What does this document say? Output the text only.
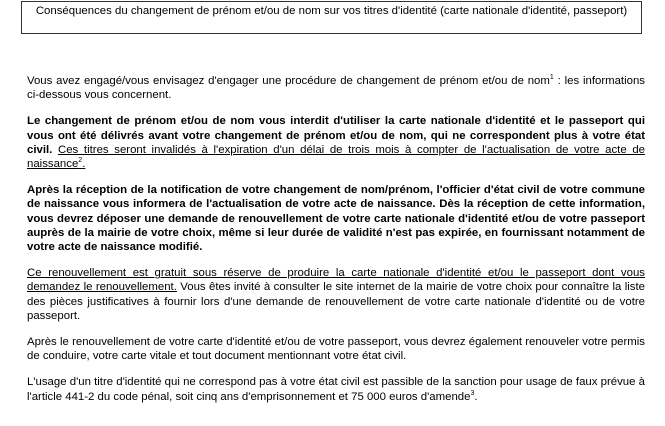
Conséquences du changement de prénom et/ou de nom sur vos titres d'identité (carte nationale d'identité, passeport)

Vous avez engagé/vous envisagez d'engager une procédure de changement de prénom et/ou de nom$^1$ : les informations ci-dessous vous concernent.

Le changement de prénom et/ou de nom vous interdit d'utiliser la carte nationale d'identité et le passeport qui vous ont été délivrés avant votre changement de prénom et/ou de nom, qui ne correspondent plus à votre état civil. Ces titres seront invalidés à l'expiration d'un délai de trois mois à compter de l'actualisation de votre acte de naissance$^2$.

Après la réception de la notification de votre changement de nom/prénom, l'officier d'état civil de votre commune de naissance vous informera de l'actualisation de votre acte de naissance. Dès la réception de cette information, vous devrez déposer une demande de renouvellement de votre carte nationale d'identité et/ou de votre passeport auprès de la mairie de votre choix, même si leur durée de validité n'est pas expirée, en fournissant notamment de votre acte de naissance modifié.

Ce renouvellement est gratuit sous réserve de produire la carte nationale d'identité et/ou le passeport dont vous demandez le renouvellement. Vous êtes invité à consulter le site internet de la mairie de votre choix pour connaître la liste des pièces justificatives à fournir lors d'une demande de renouvellement de votre carte nationale d'identité ou de votre passeport.

Après le renouvellement de votre carte d'identité et/ou de votre passeport, vous devrez également renouveler votre permis de conduire, votre carte vitale et tout document mentionnant votre état civil.

L'usage d'un titre d'identité qui ne correspond pas à votre état civil est passible de la sanction pour usage de faux prévue à l'article 441-2 du code pénal, soit cinq ans d'emprisonnement et 75 000 euros d'amende$^3$.
